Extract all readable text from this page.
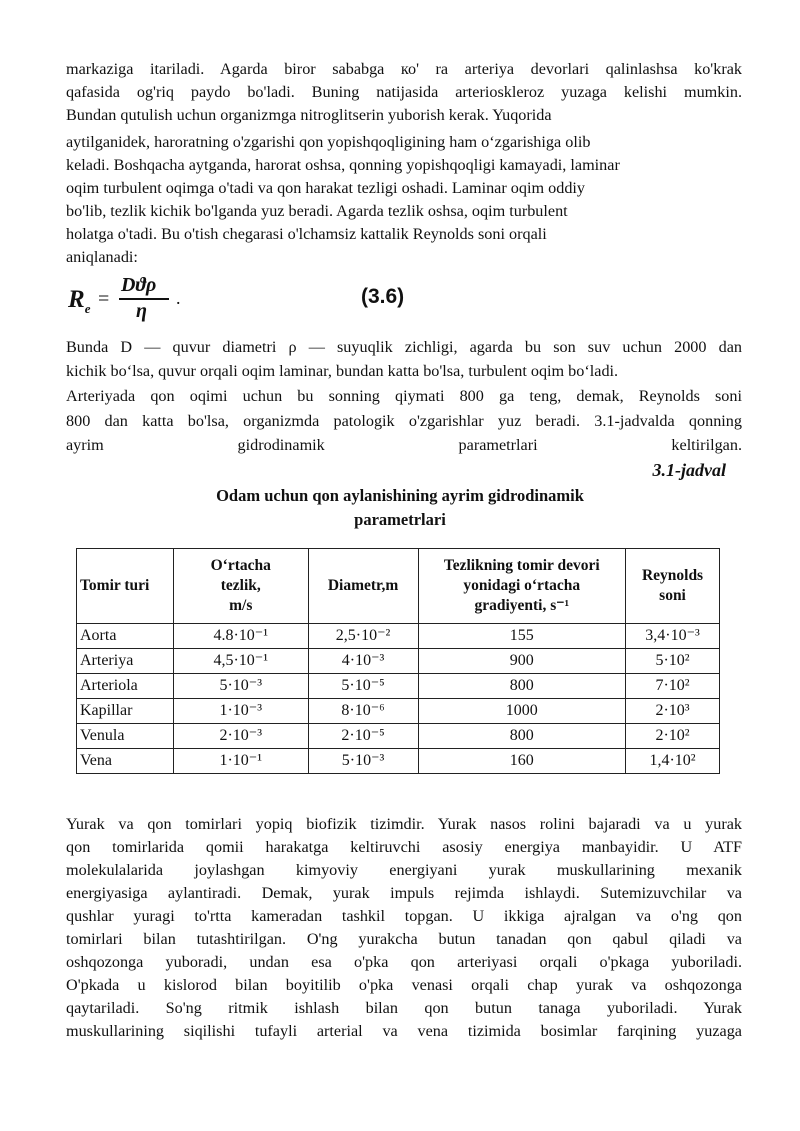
markaziga itariladi. Agarda biror sababga ко' ra arteriya devorlari qalinlashsa ko'krak
qafasida og'riq paydo bo'ladi. Buning natijasida arterioskleroz yuzaga kelishi mumkin.
Bundan qutulish uchun organizmga nitroglitserin yuborish kerak. Yuqorida
aytilganidek, haroratning o'zgarishi qon yopishqoqligining ham o‘zgarishiga olib
keladi. Boshqacha aytganda, harorat oshsa, qonning yopishqoqligi kamayadi, laminar
oqim turbulent oqimga o'tadi va qon harakat tezligi oshadi. Laminar oqim oddiy
bo'lib, tezlik kichik bo'lganda yuz beradi. Agarda tezlik oshsa, oqim turbulent
holatga o'tadi. Bu o'tish chegarasi o'lchamsiz kattalik Reynolds soni orqali
aniqlanadi:
$R_e$ =
Dϑρ
η
.	(3.6)
Bunda D — quvur diametri ρ — suyuqlik zichligi, agarda bu son suv uchun 2000 dan
kichik bo‘lsa, quvur orqali oqim laminar, bundan katta bo'lsa, turbulent oqim bo‘ladi.
Arteriyada qon oqimi uchun bu sonning qiymati 800 ga teng, demak, Reynolds soni
800 dan katta bo'lsa, organizmda patologik o'zgarishlar yuz beradi. 3.1-jadvalda qonning
ayrim gidrodinamik parametrlari keltirilgan.
3.1-jadval
Odam uchun qon aylanishining ayrim gidrodinamik
parametrlari
Tomir turi	O‘rtacha
tezlik,
m/s	Diametr,m	Tezlikning tomir devori
yonidagi o‘rtacha
gradiyenti, s⁻¹	Reynolds
soni
Aorta	4.8·10⁻¹	2,5·10⁻²	155	3,4·10⁻³
Arteriya	4,5·10⁻¹	4·10⁻³	900	5·10²
Arteriola	5·10⁻³	5·10⁻⁵	800	7·10²
Kapillar	1·10⁻³	8·10⁻⁶	1000	2·10³
Venula	2·10⁻³	2·10⁻⁵	800	2·10²
Vena	1·10⁻¹	5·10⁻³	160	1,4·10²
Yurak va qon tomirlari yopiq biofizik tizimdir. Yurak nasos rolini bajaradi va u yurak
qon tomirlarida qomii harakatga keltiruvchi asosiy energiya manbayidir. U ATF
molekulalarida joylashgan kimyoviy energiyani yurak muskullarining mexanik
energiyasiga aylantiradi. Demak, yurak impuls rejimda ishlaydi. Sutemizuvchilar va
qushlar yuragi to'rtta kameradan tashkil topgan. U ikkiga ajralgan va o'ng qon
tomirlari bilan tutashtirilgan. O'ng yurakcha butun tanadan qon qabul qiladi va
oshqozonga yuboradi, undan esa o'pka qon arteriyasi orqali o'pkaga yuboriladi.
O'pkada u kislorod bilan boyitilib o'pka venasi orqali chap yurak va oshqozonga
qaytariladi. So'ng ritmik ishlash bilan qon butun tanaga yuboriladi. Yurak
muskullarining siqilishi tufayli arterial va vena tizimida bosimlar farqining yuzaga
